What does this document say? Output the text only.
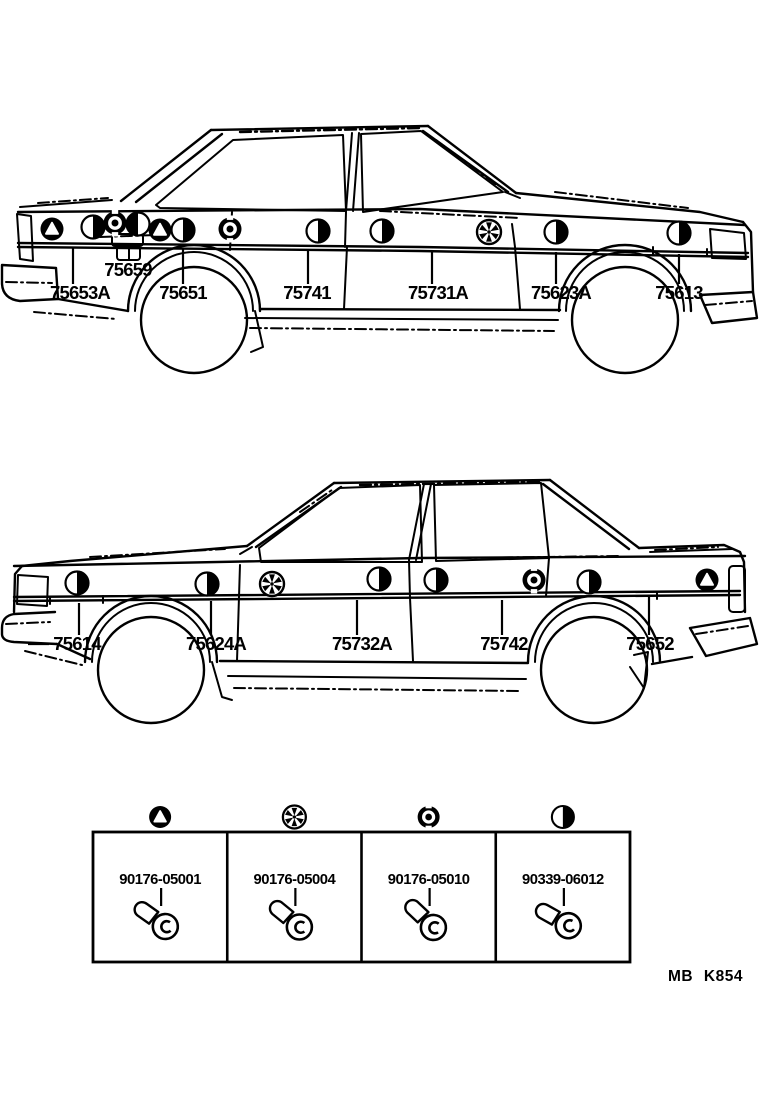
75653A	75651	75741	75731A	75623A	75613
75659
75614	75624A	75732A	75742	75652
90176-05001	90176-05004	90176-05010	90339-06012
MB K854
